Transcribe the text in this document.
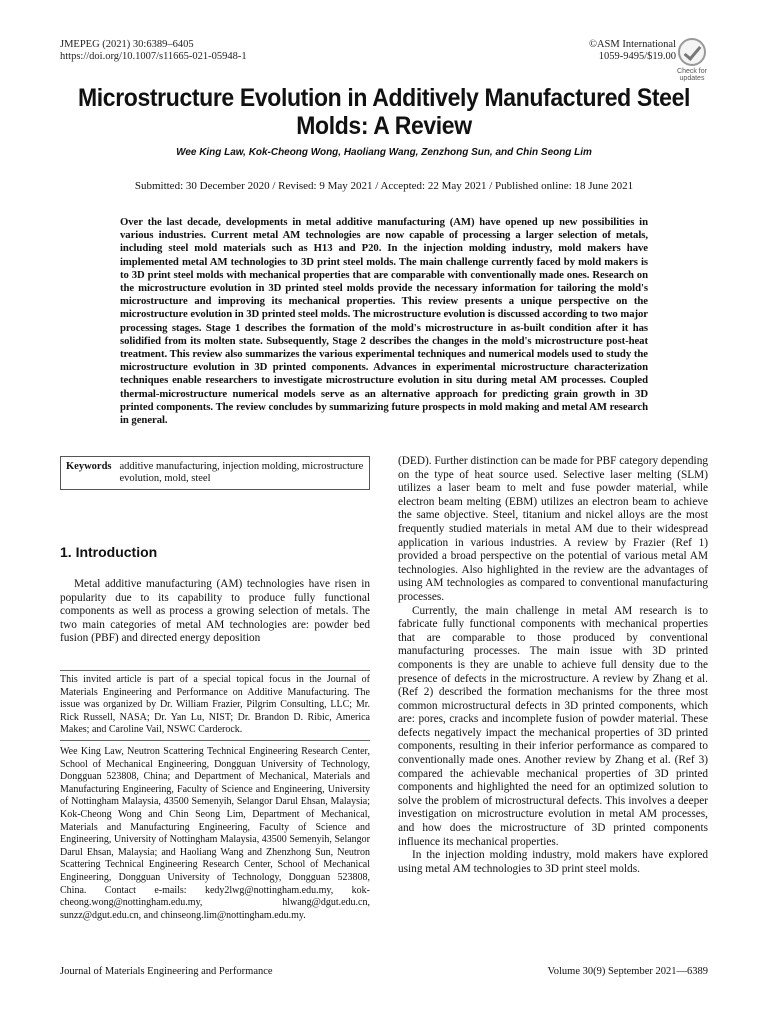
JMEPEG (2021) 30:6389–6405
https://doi.org/10.1007/s11665-021-05948-1
©ASM International
1059-9495/$19.00
Check for updates
Microstructure Evolution in Additively Manufactured Steel Molds: A Review
Wee King Law, Kok-Cheong Wong, Haoliang Wang, Zenzhong Sun, and Chin Seong Lim
Submitted: 30 December 2020 / Revised: 9 May 2021 / Accepted: 22 May 2021 / Published online: 18 June 2021
Over the last decade, developments in metal additive manufacturing (AM) have opened up new possibilities in various industries. Current metal AM technologies are now capable of processing a larger selection of metals, including steel mold materials such as H13 and P20. In the injection molding industry, mold makers have implemented metal AM technologies to 3D print steel molds. The main challenge currently faced by mold makers is to 3D print steel molds with mechanical properties that are comparable with conventionally made ones. Research on the microstructure evolution in 3D printed steel molds provide the necessary information for tailoring the mold's microstructure and improving its mechanical properties. This review presents a unique perspective on the microstructure evolution in 3D printed steel molds. The microstructure evolution is discussed according to two major processing stages. Stage 1 describes the formation of the mold's microstructure in as-built condition after it has solidified from its molten state. Subsequently, Stage 2 describes the changes in the mold's microstructure post-heat treatment. This review also summarizes the various experimental techniques and numerical models used to study the microstructure evolution in 3D printed components. Advances in experimental microstructure characterization techniques enable researchers to investigate microstructure evolution in situ during metal AM processes. Coupled thermal-microstructure numerical models serve as an alternative approach for predicting grain growth in 3D printed components. The review concludes by summarizing future prospects in mold making and metal AM research in general.
Keywords additive manufacturing, injection molding, microstructure evolution, mold, steel
1. Introduction

Metal additive manufacturing (AM) technologies have risen in popularity due to its capability to produce fully functional components as well as process a growing selection of metals. The two main categories of metal AM technologies are: powder bed fusion (PBF) and directed energy deposition

This invited article is part of a special topical focus in the Journal of Materials Engineering and Performance on Additive Manufacturing. The issue was organized by Dr. William Frazier, Pilgrim Consulting, LLC; Mr. Rick Russell, NASA; Dr. Yan Lu, NIST; Dr. Brandon D. Ribic, America Makes; and Caroline Vail, NSWC Carderock.
Wee King Law, Neutron Scattering Technical Engineering Research Center, School of Mechanical Engineering, Dongguan University of Technology, Dongguan 523808, China; and Department of Mechanical, Materials and Manufacturing Engineering, Faculty of Science and Engineering, University of Nottingham Malaysia, 43500 Semenyih, Selangor Darul Ehsan, Malaysia; Kok-Cheong Wong and Chin Seong Lim, Department of Mechanical, Materials and Manufacturing Engineering, Faculty of Science and Engineering, University of Nottingham Malaysia, 43500 Semenyih, Selangor Darul Ehsan, Malaysia; and Haoliang Wang and Zhenzhong Sun, Neutron Scattering Technical Engineering Research Center, School of Mechanical Engineering, Dongguan University of Technology, Dongguan 523808, China. Contact e-mails: kedy2lwg@nottingham.edu.my, kok-cheong.wong@nottingham.edu.my, hlwang@dgut.edu.cn, sunzz@dgut.edu.cn, and chinseong.lim@nottingham.edu.my.

(DED). Further distinction can be made for PBF category depending on the type of heat source used. Selective laser melting (SLM) utilizes a laser beam to melt and fuse powder material, while electron beam melting (EBM) utilizes an electron beam to achieve the same objective. Steel, titanium and nickel alloys are the most frequently studied materials in metal AM due to their widespread application in various industries. A review by Frazier (Ref 1) provided a broad perspective on the potential of various metal AM technologies. Also highlighted in the review are the advantages of using AM technologies as compared to conventional manufacturing processes.

Currently, the main challenge in metal AM research is to fabricate fully functional components with mechanical properties that are comparable to those produced by conventional manufacturing processes. The main issue with 3D printed components is they are unable to achieve full density due to the presence of defects in the microstructure. A review by Zhang et al. (Ref 2) described the formation mechanisms for the three most common microstructural defects in 3D printed components, which are: pores, cracks and incomplete fusion of powder material. These defects negatively impact the mechanical properties of 3D printed components, resulting in their inferior performance as compared to conventionally made ones. Another review by Zhang et al. (Ref 3) compared the achievable mechanical properties of 3D printed components and highlighted the need for an optimized solution to solve the problem of microstructural defects. This involves a deeper investigation on microstructure evolution in metal AM processes, and how does the microstructure of 3D printed components influence its mechanical properties.

In the injection molding industry, mold makers have explored using metal AM technologies to 3D print steel molds.

Journal of Materials Engineering and Performance	Volume 30(9) September 2021—6389
